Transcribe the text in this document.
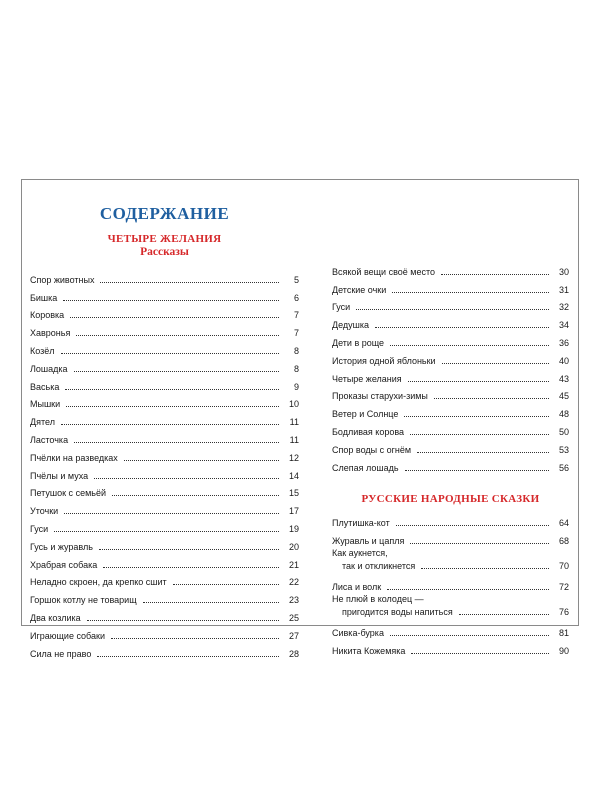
СОДЕРЖАНИЕ
ЧЕТЫРЕ ЖЕЛАНИЯ
Рассказы
Спор животных	5
Бишка	6
Коровка	7
Хавронья	7
Козёл	8
Лошадка	8
Васька	9
Мышки	10
Дятел	11
Ласточка	11
Пчёлки на разведках	12
Пчёлы и муха	14
Петушок с семьёй	15
Уточки	17
Гуси	19
Гусь и журавль	20
Храбрая собака	21
Неладно скроен, да крепко сшит	22
Горшок котлу не товарищ	23
Два козлика	25
Играющие собаки	27
Сила не право	28
Всякой вещи своё место	30
Детские очки	31
Гуси	32
Дедушка	34
Дети в роще	36
История одной яблоньки	40
Четыре желания	43
Проказы старухи-зимы	45
Ветер и Солнце	48
Бодливая корова	50
Спор воды с огнём	53
Слепая лошадь	56
РУССКИЕ НАРОДНЫЕ СКАЗКИ
Плутишка-кот	64
Журавль и цапля	68
Как аукнется,
так и откликнется	70
Лиса и волк	72
Не плюй в колодец —
пригодится воды напиться	76
Сивка-бурка	81
Никита Кожемяка	90
